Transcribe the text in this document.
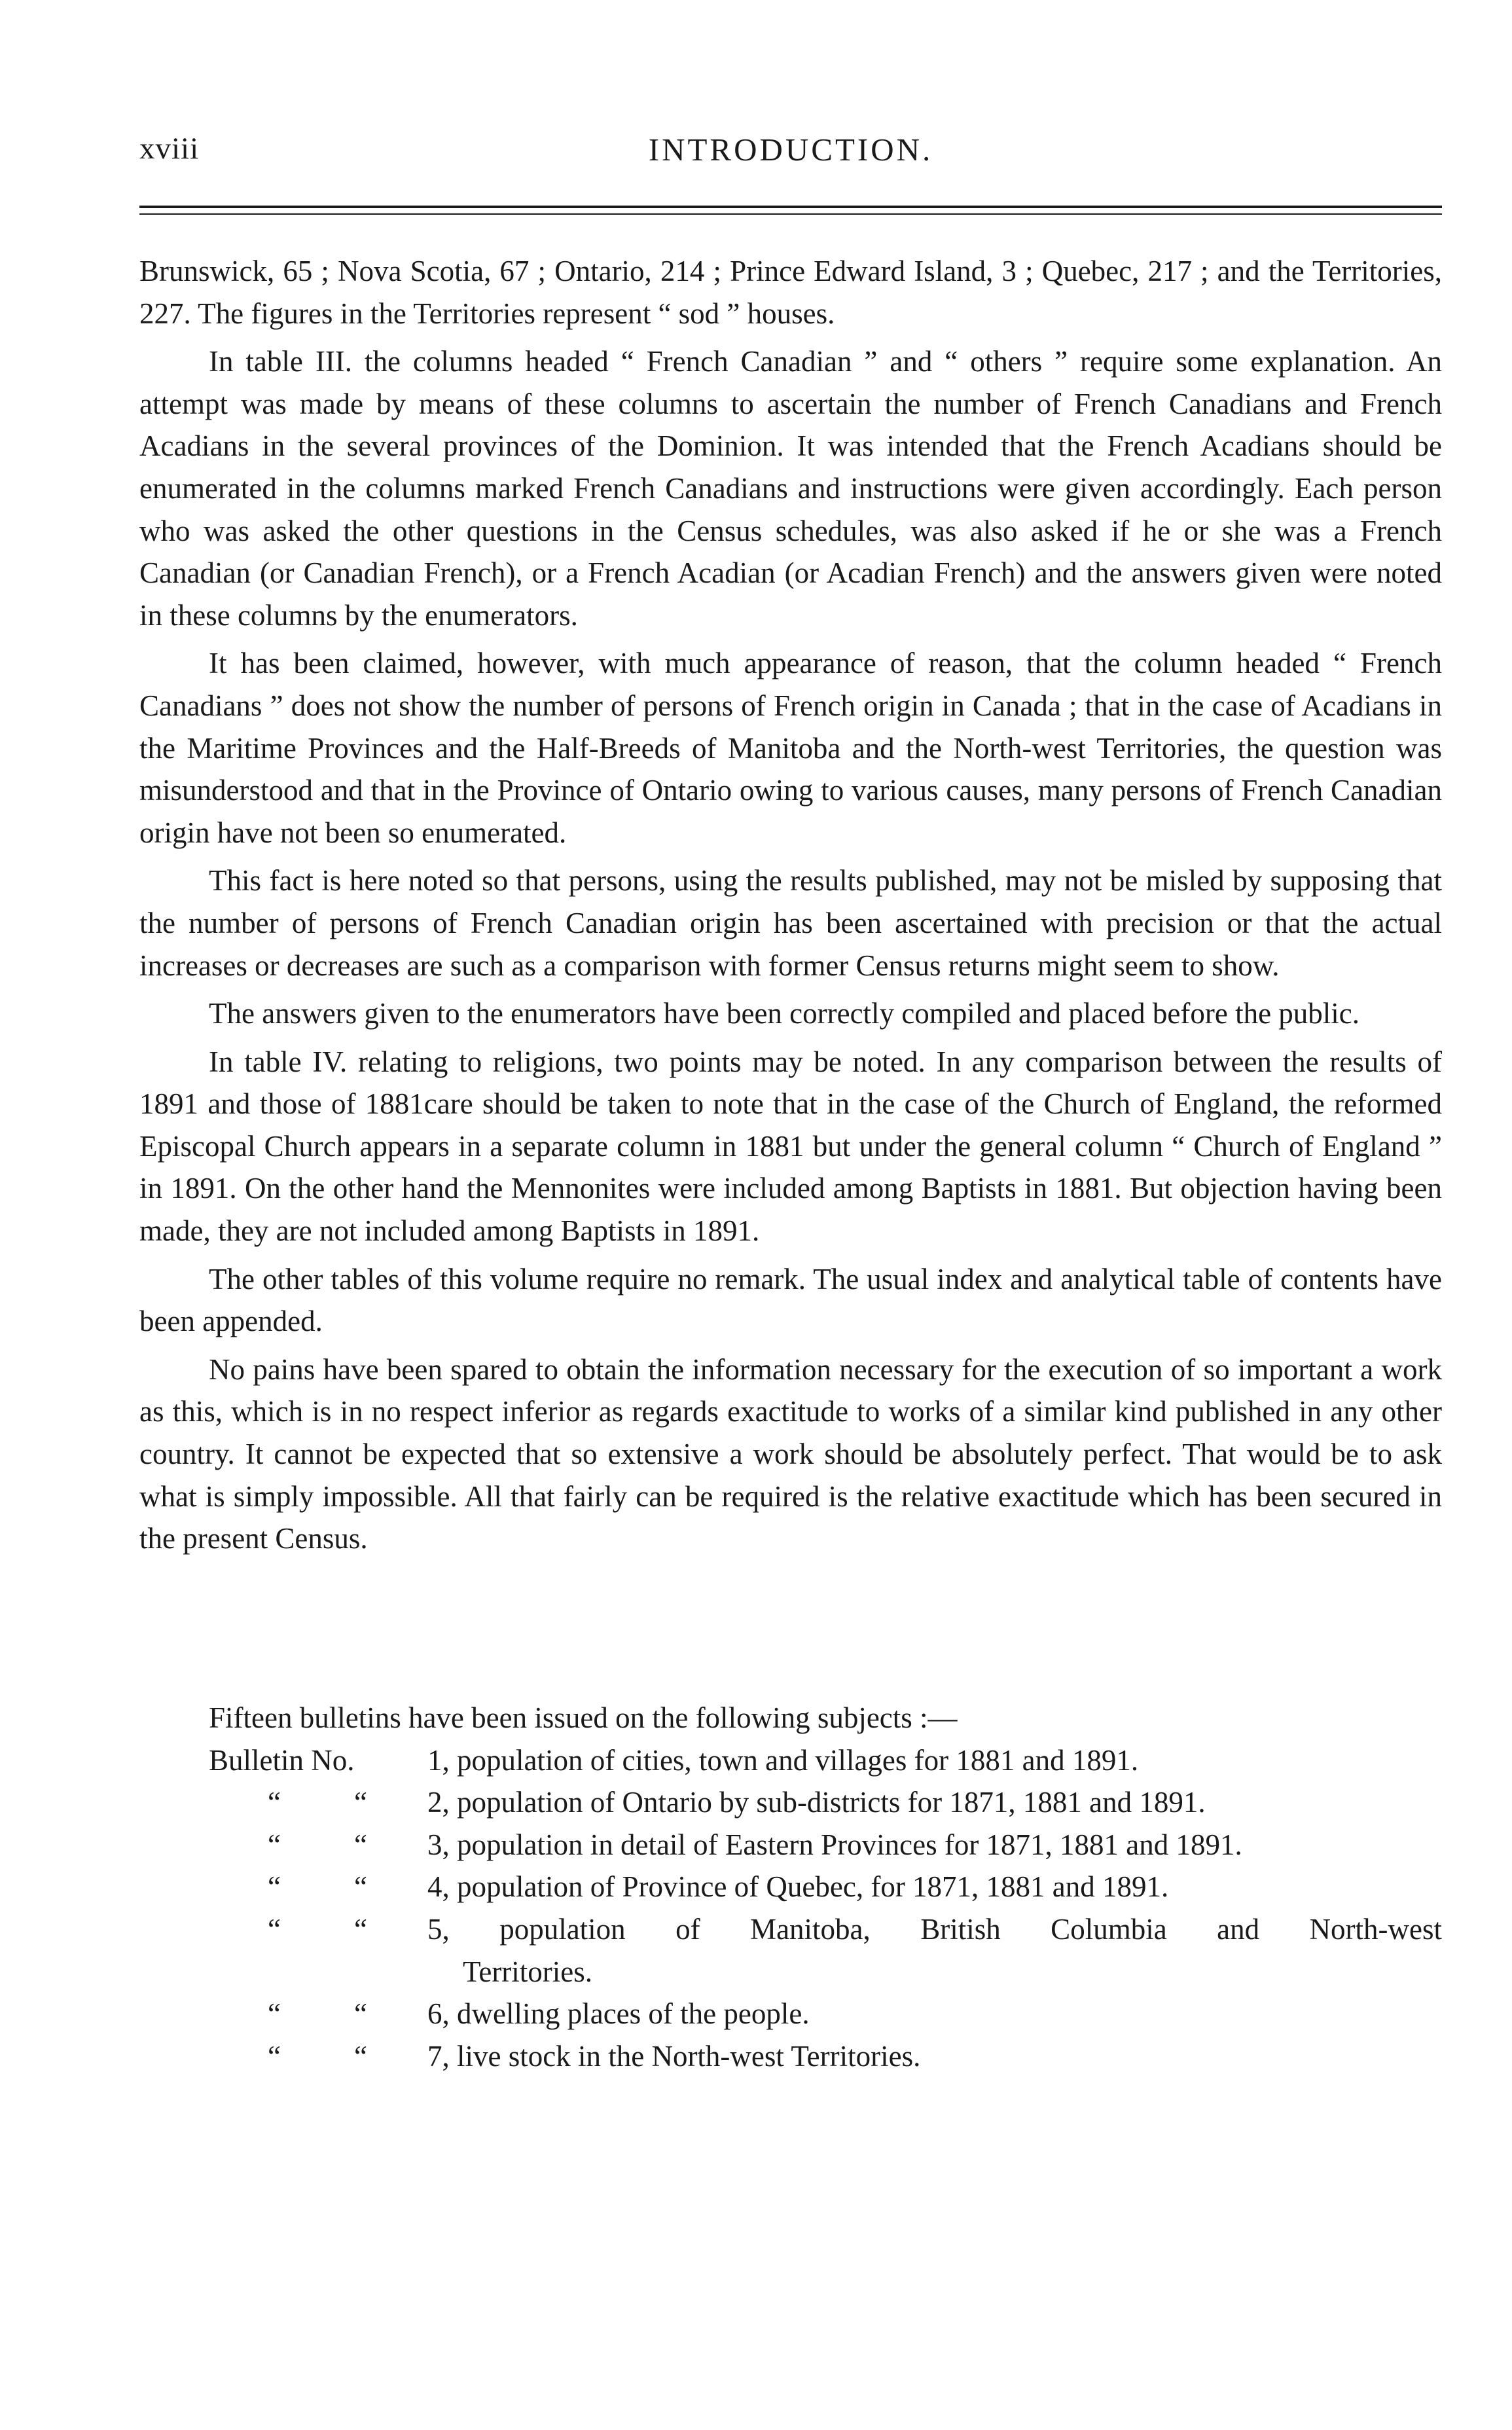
xviii	INTRODUCTION.

Brunswick, 65 ; Nova Scotia, 67 ; Ontario, 214 ; Prince Edward Island, 3 ; Quebec, 217 ; and the Territories, 227. The figures in the Territories represent “ sod ” houses.

In table III. the columns headed “ French Canadian ” and “ others ” require some explanation. An attempt was made by means of these columns to ascertain the number of French Canadians and French Acadians in the several provinces of the Dominion. It was intended that the French Acadians should be enumerated in the columns marked French Canadians and instructions were given accordingly. Each person who was asked the other questions in the Census schedules, was also asked if he or she was a French Canadian (or Canadian French), or a French Acadian (or Acadian French) and the answers given were noted in these columns by the enumerators.

It has been claimed, however, with much appearance of reason, that the column headed “ French Canadians ” does not show the number of persons of French origin in Canada ; that in the case of Acadians in the Maritime Provinces and the Half-Breeds of Manitoba and the North-west Territories, the question was misunderstood and that in the Province of Ontario owing to various causes, many persons of French Canadian origin have not been so enumerated.

This fact is here noted so that persons, using the results published, may not be misled by supposing that the number of persons of French Canadian origin has been ascertained with precision or that the actual increases or decreases are such as a comparison with former Census returns might seem to show.

The answers given to the enumerators have been correctly compiled and placed before the public.

In table IV. relating to religions, two points may be noted. In any comparison between the results of 1891 and those of 1881care should be taken to note that in the case of the Church of England, the reformed Episcopal Church appears in a separate column in 1881 but under the general column “ Church of England ” in 1891. On the other hand the Mennonites were included among Baptists in 1881. But objection having been made, they are not included among Baptists in 1891.

The other tables of this volume require no remark. The usual index and analytical table of contents have been appended.

No pains have been spared to obtain the information necessary for the execution of so important a work as this, which is in no respect inferior as regards exactitude to works of a similar kind published in any other country. It cannot be expected that so extensive a work should be absolutely perfect. That would be to ask what is simply impossible. All that fairly can be required is the relative exactitude which has been secured in the present Census.

Fifteen bulletins have been issued on the following subjects :—

Bulletin No. 1, population of cities, town and villages for 1881 and 1891.
“ “ 2, population of Ontario by sub-districts for 1871, 1881 and 1891.
“ “ 3, population in detail of Eastern Provinces for 1871, 1881 and 1891.
“ “ 4, population of Province of Quebec, for 1871, 1881 and 1891.
“ “ 5, population of Manitoba, British Columbia and North-west
Territories.
“ “ 6, dwelling places of the people.
“ “ 7, live stock in the North-west Territories.
